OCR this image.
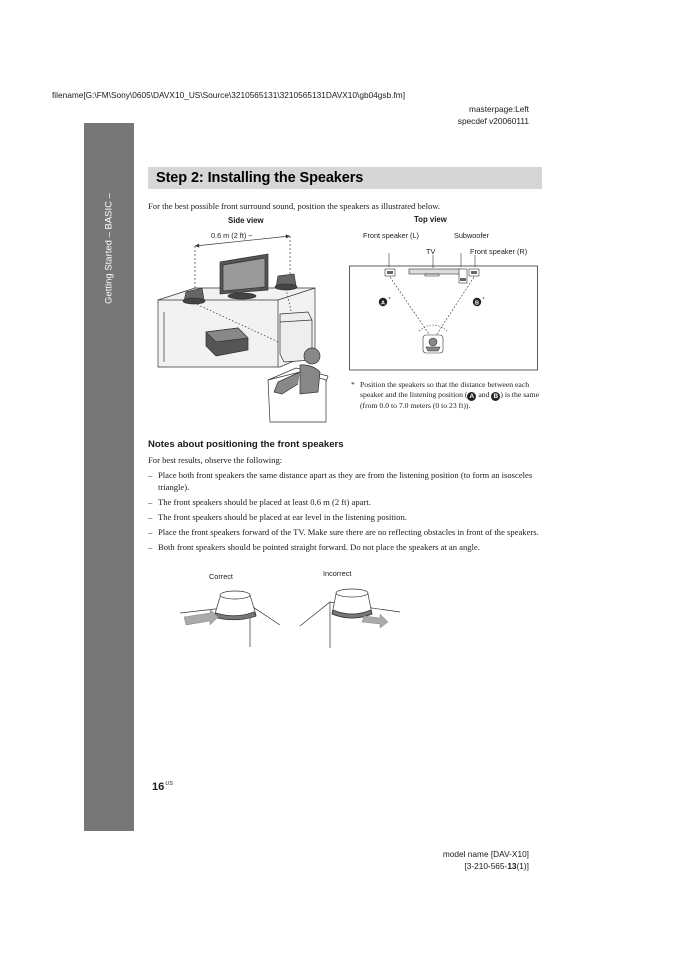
filename[G:\FM\Sony\0605\DAVX10_US\Source\3210565131\3210565131DAVX10\gb04gsb.fm]
masterpage:Left
specdef v20060111
Getting Started – BASIC –
Step 2: Installing the Speakers
For the best possible front surround sound, position the speakers as illustrated below.
Side view
0.6 m (2 ft) ~
Top view
Front speaker (L)	Subwoofer
TV	Front speaker (R)
A	B
*	*
* Position the speakers so that the distance between each speaker and the listening position ( A and B ) is the same (from 0.0 to 7.0 meters (0 to 23 ft)).
Notes about positioning the front speakers
For best results, observe the following:
– Place both front speakers the same distance apart as they are from the listening position (to form an isosceles triangle).
– The front speakers should be placed at least 0.6 m (2 ft) apart.
– The front speakers should be placed at ear level in the listening position.
– Place the front speakers forward of the TV. Make sure there are no reflecting obstacles in front of the speakers.
– Both front speakers should be pointed straight forward. Do not place the speakers at an angle.
Correct	Incorrect
$16^{US}$
model name [DAV-X10]
[3-210-565-13(1)]
